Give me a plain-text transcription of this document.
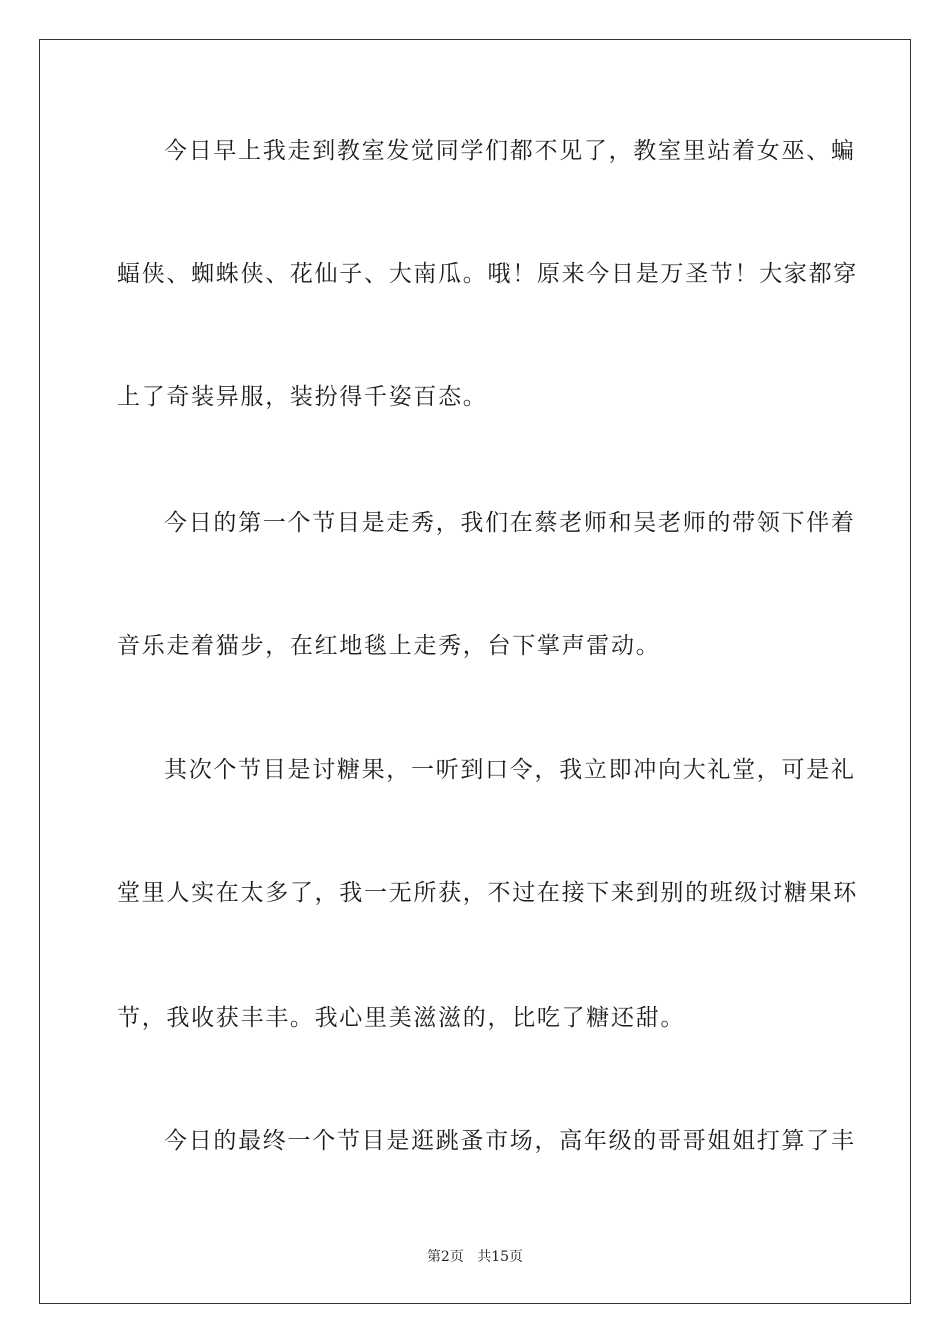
今日早上我走到教室发觉同学们都不见了，教室里站着女巫、蝙
蝠侠、蜘蛛侠、花仙子、大南瓜。哦！原来今日是万圣节！大家都穿
上了奇装异服，装扮得千姿百态。
今日的第一个节目是走秀，我们在蔡老师和吴老师的带领下伴着
音乐走着猫步，在红地毯上走秀，台下掌声雷动。
其次个节目是讨糖果，一听到口令，我立即冲向大礼堂，可是礼
堂里人实在太多了，我一无所获，不过在接下来到别的班级讨糖果环
节，我收获丰丰。我心里美滋滋的，比吃了糖还甜。
今日的最终一个节目是逛跳蚤市场，高年级的哥哥姐姐打算了丰
第2页 共15页
